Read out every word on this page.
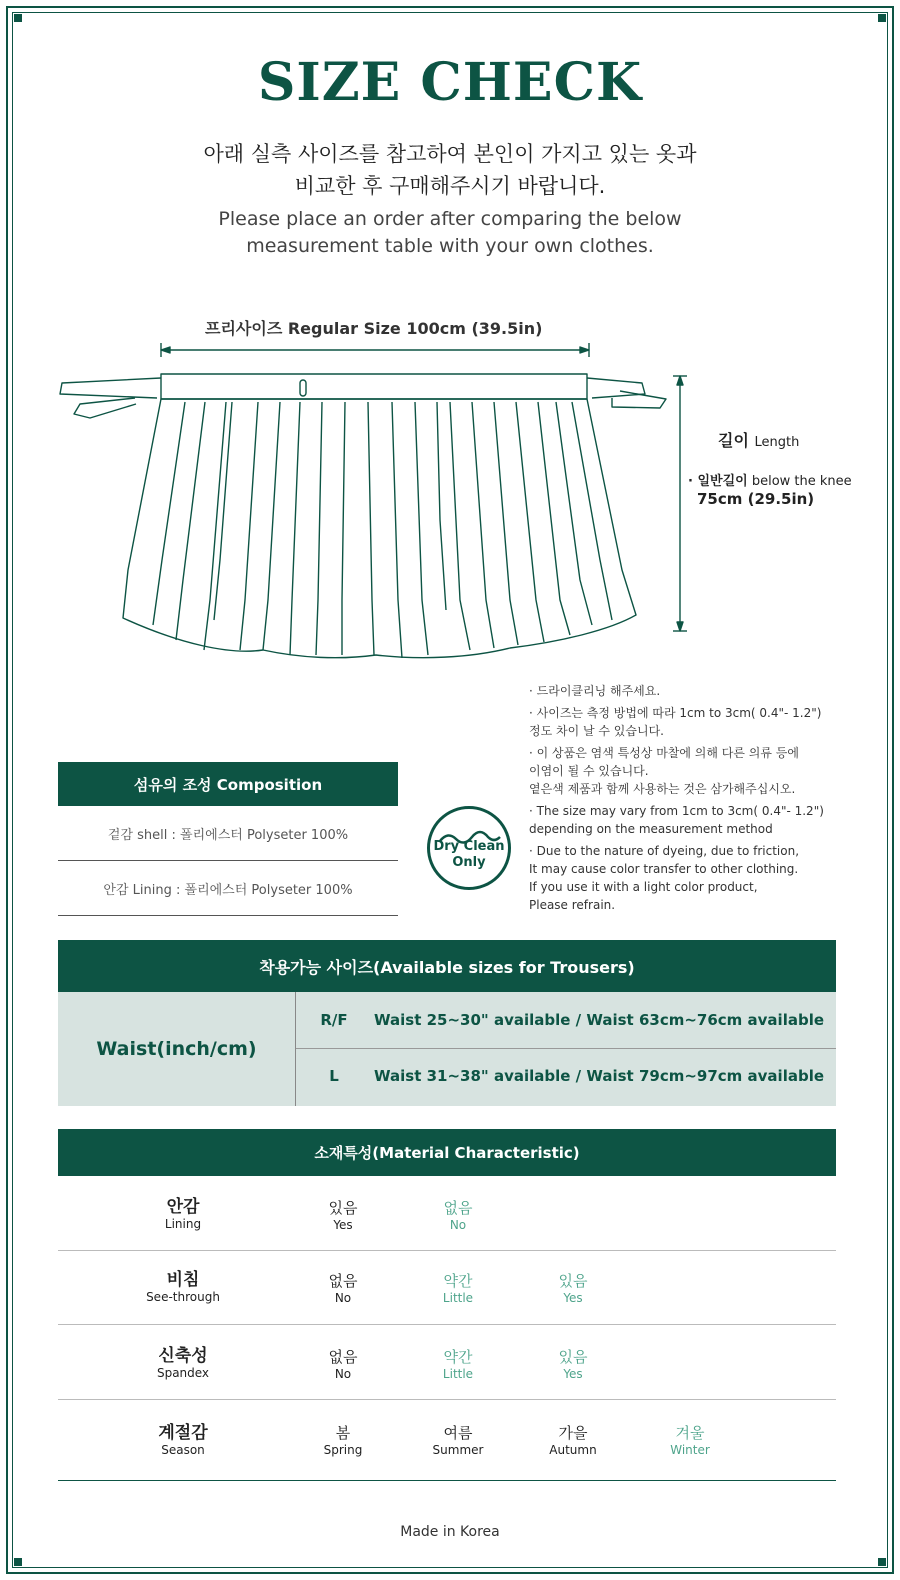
SIZE CHECK
아래 실측 사이즈를 참고하여 본인이 가지고 있는 옷과
비교한 후 구매해주시기 바랍니다.
Please place an order after comparing the below
measurement table with your own clothes.
프리사이즈 Regular Size 100cm (39.5in)
길이 Length
· 일반길이 below the knee
75cm (29.5in)
· 드라이클리닝 해주세요.
· 사이즈는 측정 방법에 따라 1cm to 3cm( 0.4"- 1.2")
정도 차이 날 수 있습니다.
· 이 상품은 염색 특성상 마찰에 의해 다른 의류 등에
이염이 될 수 있습니다.
옅은색 제품과 함께 사용하는 것은 삼가해주십시오.
· The size may vary from 1cm to 3cm( 0.4"- 1.2")
depending on the measurement method
· Due to the nature of dyeing, due to friction,
It may cause color transfer to other clothing.
If you use it with a light color product,
Please refrain.
섬유의 조성 Composition
겉감 shell : 폴리에스터 Polyseter 100%
안감 Lining : 폴리에스터 Polyseter 100%
Dry Clean
Only
착용가능 사이즈(Available sizes for Trousers)
Waist(inch/cm)
R/F	Waist 25~30" available / Waist 63cm~76cm available
L	Waist 31~38" available / Waist 79cm~97cm available
소재특성(Material Characteristic)
안감
Lining
있음
Yes
없음
No
비침
See-through
없음
No
약간
Little
있음
Yes
신축성
Spandex
없음
No
약간
Little
있음
Yes
계절감
Season
봄
Spring
여름
Summer
가을
Autumn
겨울
Winter
Made in Korea
